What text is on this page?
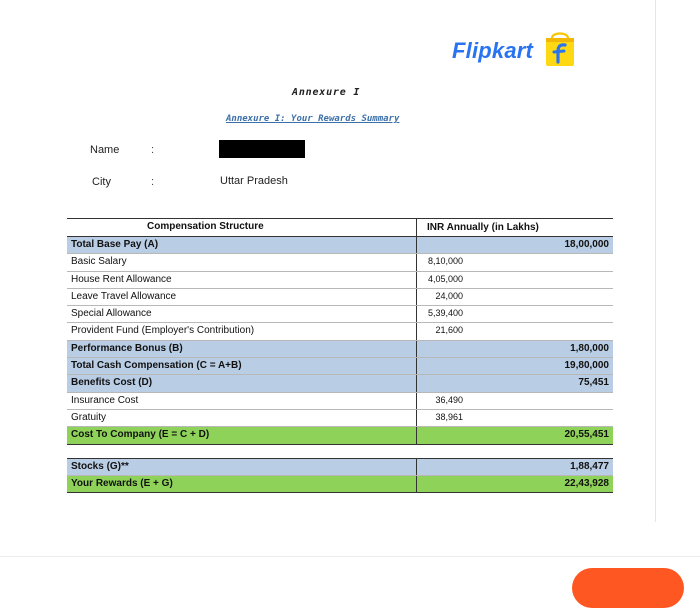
Flipkart
Annexure I
Annexure I: Your Rewards Summary
Name	:
City	:	Uttar Pradesh
Compensation Structure	INR Annually (in Lakhs)
Total Base Pay (A)	18,00,000
Basic Salary	8,10,000
House Rent Allowance	4,05,000
Leave Travel Allowance	24,000
Special Allowance	5,39,400
Provident Fund (Employer's Contribution)	21,600
Performance Bonus (B)	1,80,000
Total Cash Compensation (C = A+B)	19,80,000
Benefits Cost (D)	75,451
Insurance Cost	36,490
Gratuity	38,961
Cost To Company (E = C + D)	20,55,451
Stocks (G)**	1,88,477
Your Rewards (E + G)	22,43,928
